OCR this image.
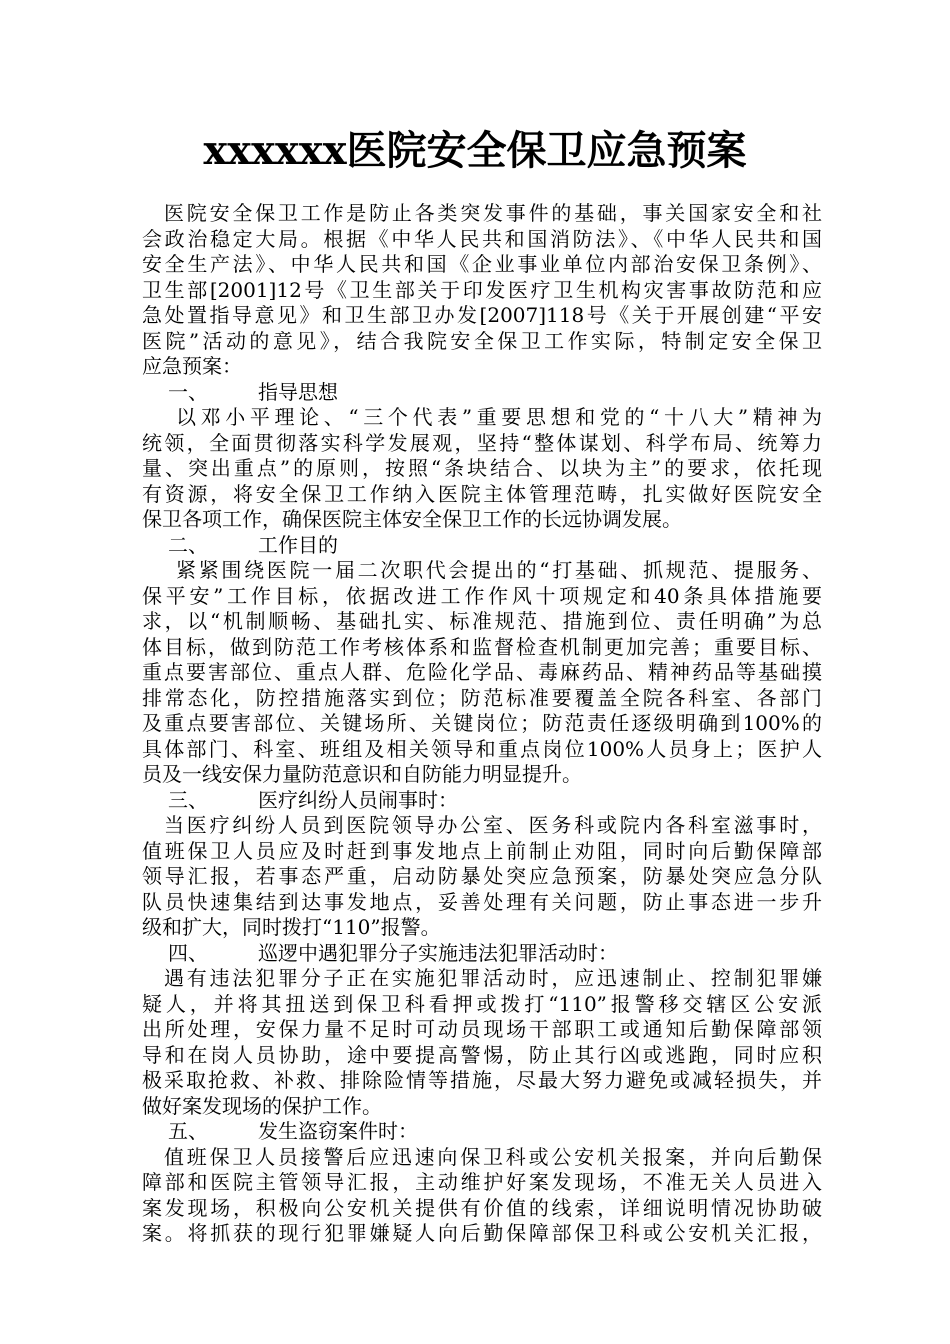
xxxxxx医院安全保卫应急预案
医院安全保卫工作是防止各类突发事件的基础，事关国家安全和社
会政治稳定大局。根据《中华人民共和国消防法》、《中华人民共和国
安全生产法》、中华人民共和国《企业事业单位内部治安保卫条例》、
卫生部[2001]12号《卫生部关于印发医疗卫生机构灾害事故防范和应
急处置指导意见》和卫生部卫办发[2007]118号《关于开展创建“平安
医院”活动的意见》，结合我院安全保卫工作实际，特制定安全保卫
应急预案：
一、	指导思想
以邓小平理论、“三个代表”重要思想和党的“十八大”精神为
统领，全面贯彻落实科学发展观，坚持“整体谋划、科学布局、统筹力
量、突出重点”的原则，按照“条块结合、以块为主”的要求，依托现
有资源，将安全保卫工作纳入医院主体管理范畴，扎实做好医院安全
保卫各项工作，确保医院主体安全保卫工作的长远协调发展。
二、	工作目的
紧紧围绕医院一届二次职代会提出的“打基础、抓规范、提服务、
保平安”工作目标，依据改进工作作风十项规定和40条具体措施要
求，以“机制顺畅、基础扎实、标准规范、措施到位、责任明确”为总
体目标，做到防范工作考核体系和监督检查机制更加完善；重要目标、
重点要害部位、重点人群、危险化学品、毒麻药品、精神药品等基础摸
排常态化，防控措施落实到位；防范标准要覆盖全院各科室、各部门
及重点要害部位、关键场所、关键岗位；防范责任逐级明确到100%的
具体部门、科室、班组及相关领导和重点岗位100%人员身上；医护人
员及一线安保力量防范意识和自防能力明显提升。
三、	医疗纠纷人员闹事时：
当医疗纠纷人员到医院领导办公室、医务科或院内各科室滋事时，
值班保卫人员应及时赶到事发地点上前制止劝阻，同时向后勤保障部
领导汇报，若事态严重，启动防暴处突应急预案，防暴处突应急分队
队员快速集结到达事发地点，妥善处理有关问题，防止事态进一步升
级和扩大，同时拨打“110”报警。
四、	巡逻中遇犯罪分子实施违法犯罪活动时：
遇有违法犯罪分子正在实施犯罪活动时，应迅速制止、控制犯罪嫌
疑人，并将其扭送到保卫科看押或拨打“110”报警移交辖区公安派
出所处理，安保力量不足时可动员现场干部职工或通知后勤保障部领
导和在岗人员协助，途中要提高警惕，防止其行凶或逃跑，同时应积
极采取抢救、补救、排除险情等措施，尽最大努力避免或减轻损失，并
做好案发现场的保护工作。
五、	发生盗窃案件时：
值班保卫人员接警后应迅速向保卫科或公安机关报案，并向后勤保
障部和医院主管领导汇报，主动维护好案发现场，不准无关人员进入
案发现场，积极向公安机关提供有价值的线索，详细说明情况协助破
案。将抓获的现行犯罪嫌疑人向后勤保障部保卫科或公安机关汇报，
